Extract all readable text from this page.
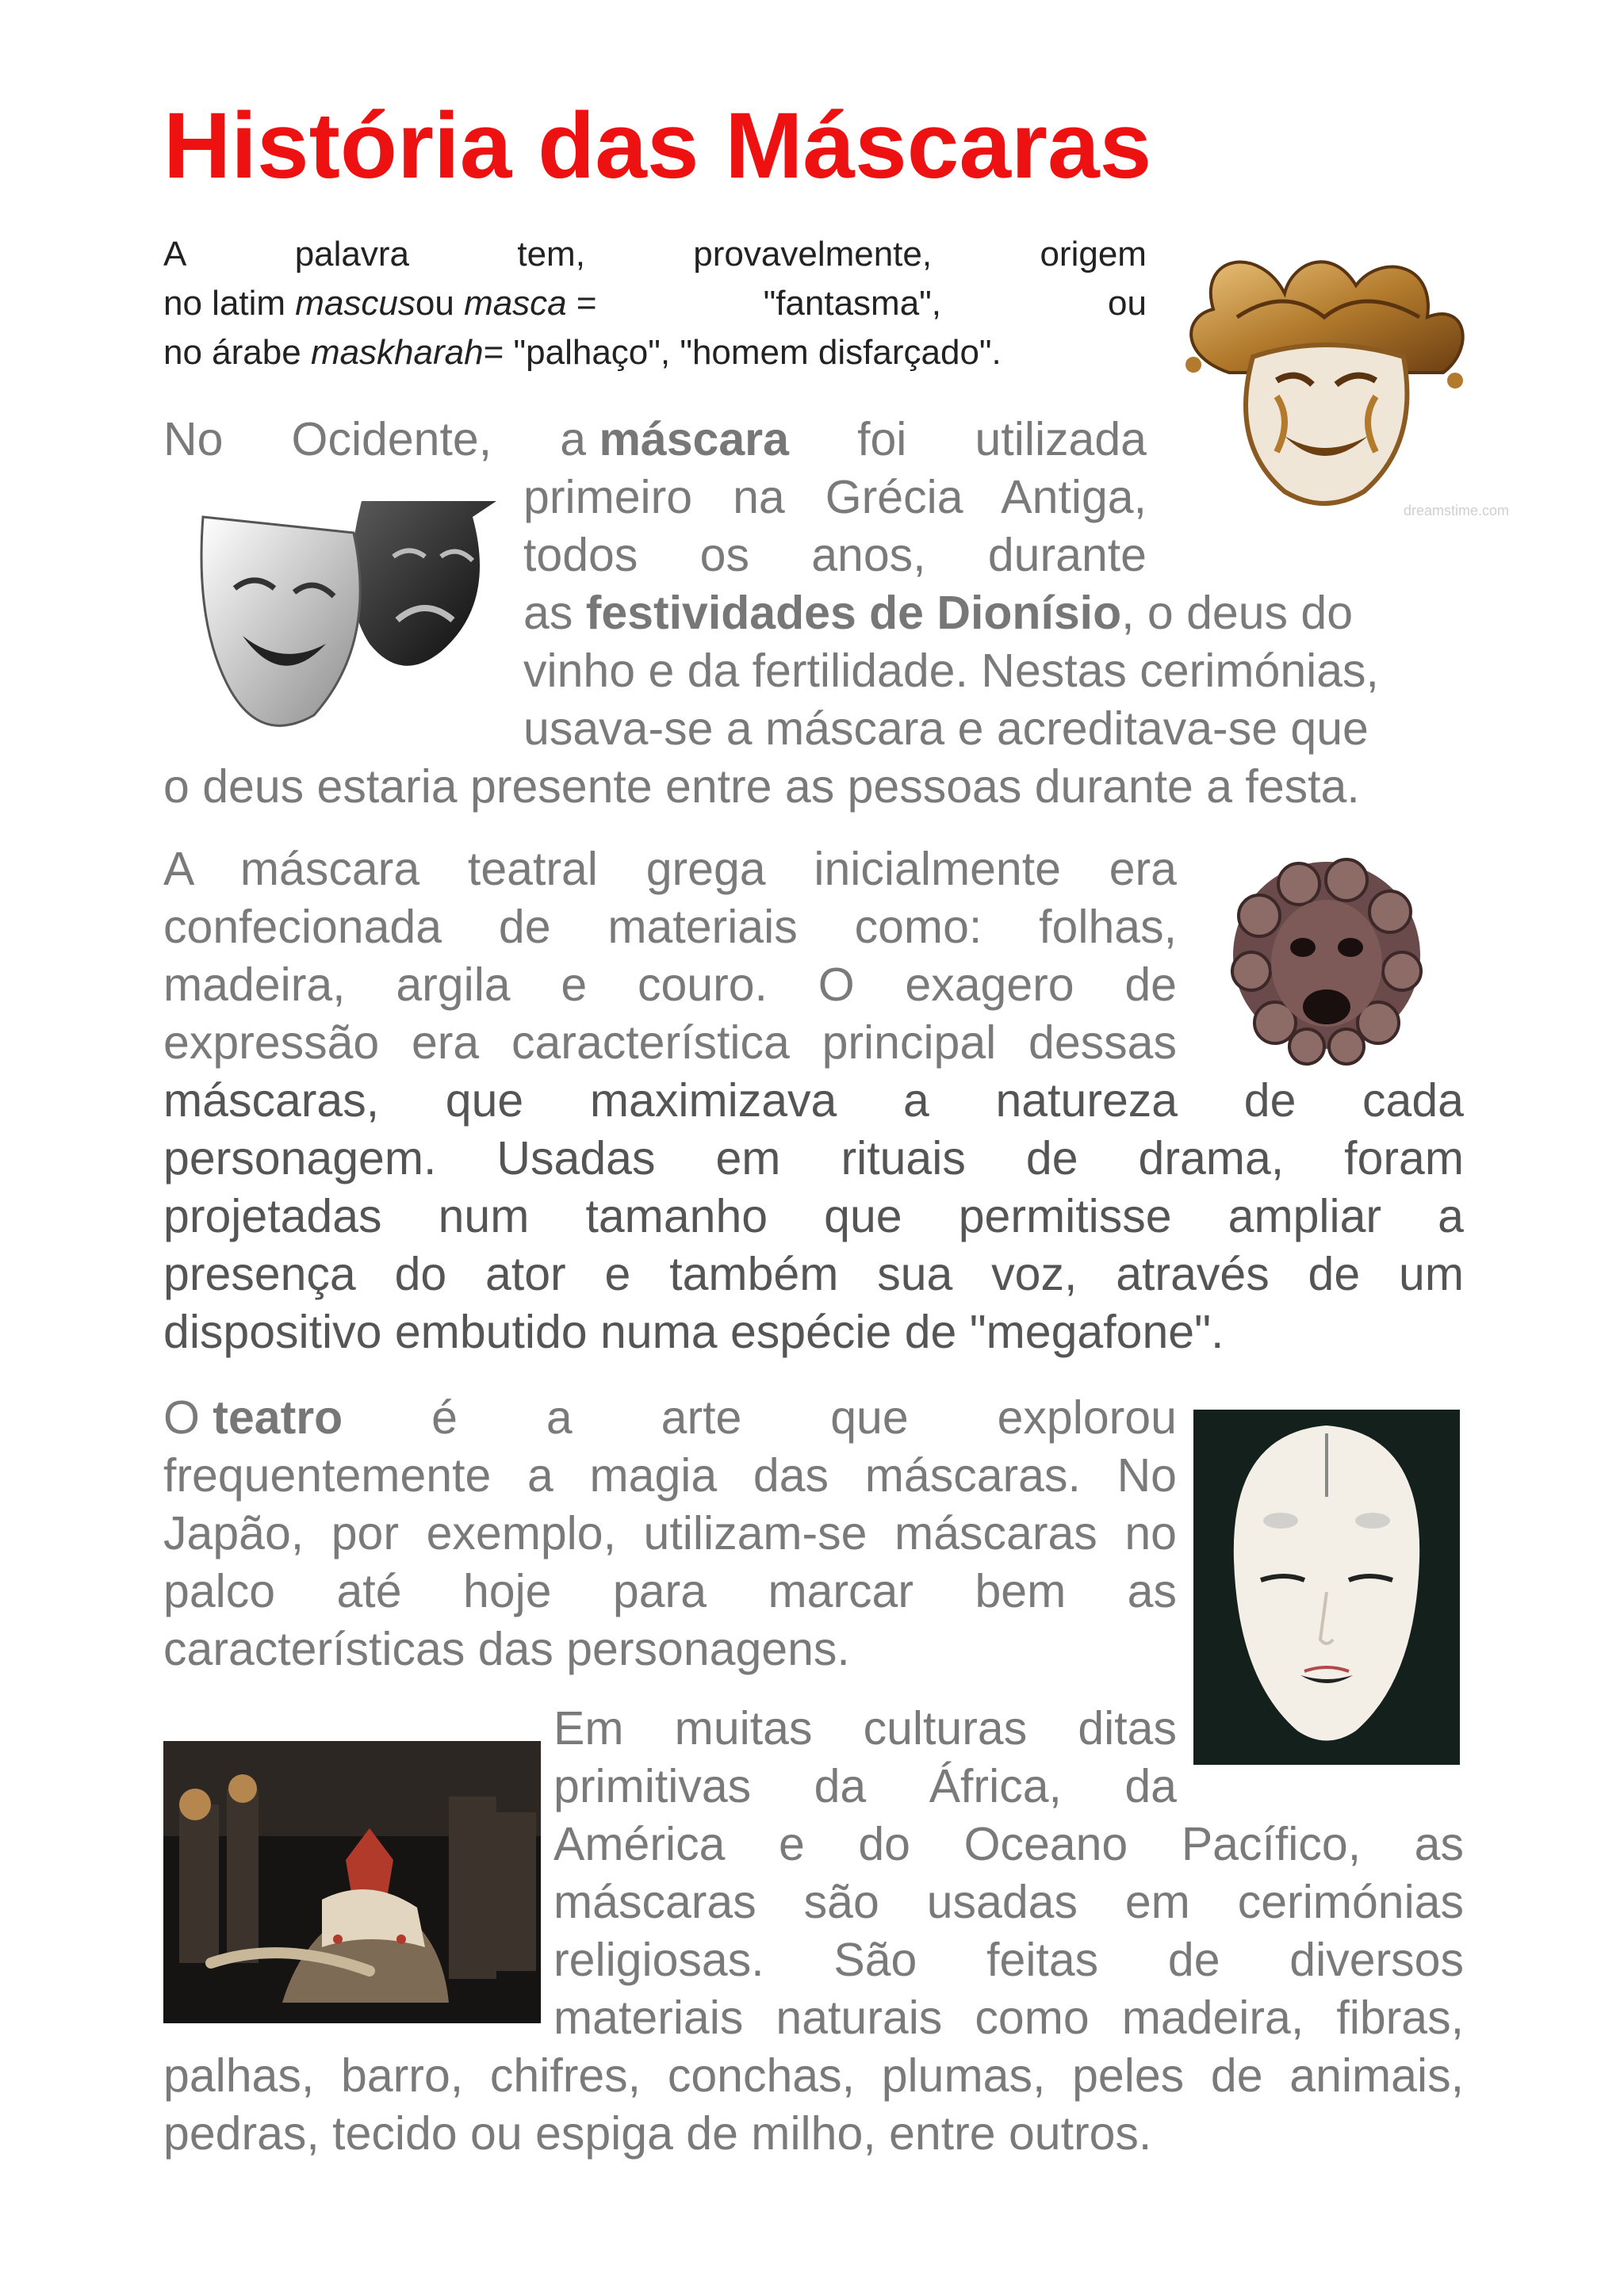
História das Máscaras
A	palavra	tem,	provavelmente,	origem
no latim mascusou masca =	"fantasma",	ou
no árabe
maskharah = "palhaço", "homem disfarçado".
dreamstime.com
No Ocidente, a máscara foi utilizada
primeiro na Grécia Antiga,
todos os anos, durante
as festividades de Dionísio, o deus do
vinho e da fertilidade. Nestas cerimónias,
usava-se a máscara e acreditava-se que
o deus estaria presente entre as pessoas durante a festa.
A máscara teatral grega inicialmente era
confecionada de materiais como: folhas,
madeira, argila e couro. O exagero de
expressão era característica principal dessas
máscaras, que maximizava a natureza de cada
personagem. Usadas em rituais de drama, foram
projetadas num tamanho que permitisse ampliar a
presença do ator e também sua voz, através de um
dispositivo embutido numa espécie de "megafone".
O teatro é a arte que explorou
frequentemente a magia das máscaras. No
Japão, por exemplo, utilizam-se máscaras no
palco até hoje para marcar bem as
características das personagens.
Em muitas culturas ditas
primitivas da África, da
América e do Oceano Pacífico, as
máscaras são usadas em cerimónias
religiosas. São feitas de diversos
materiais naturais como madeira, fibras,
palhas, barro, chifres, conchas, plumas, peles de animais,
pedras, tecido ou espiga de milho, entre outros.
